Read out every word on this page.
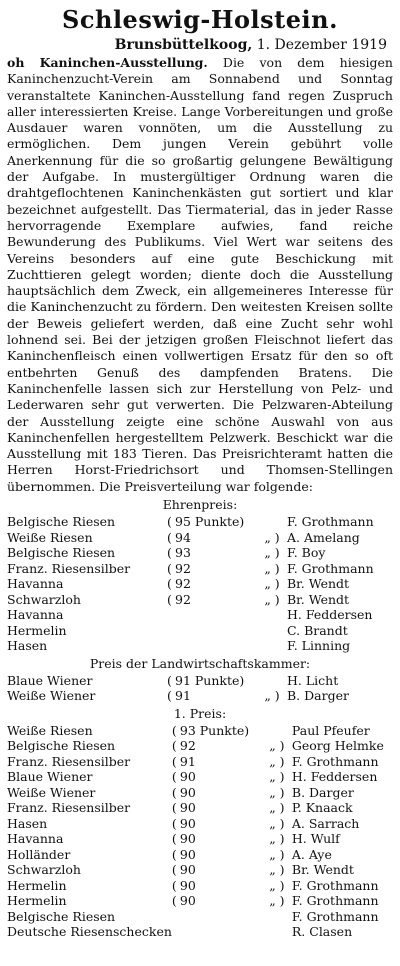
Schleswig-Holstein.
Brunsbüttelkoog, 1. Dezember 1919

oh Kaninchen-Ausstellung. Die von dem hiesigen Kaninchenzucht-Verein am Sonnabend und Sonntag veranstaltete Kaninchen-Ausstellung fand regen Zuspruch aller interessierten Kreise. Lange Vorbereitungen und große Ausdauer waren vonnöten, um die Ausstellung zu ermöglichen. Dem jungen Verein gebührt volle Anerkennung für die so großartig gelungene Bewältigung der Aufgabe. In mustergültiger Ordnung waren die drahtgeflochtenen Kaninchenkästen gut sortiert und klar bezeichnet aufgestellt. Das Tiermaterial, das in jeder Rasse hervorragende Exemplare aufwies, fand reiche Bewunderung des Publikums. Viel Wert war seitens des Vereins besonders auf eine gute Beschickung mit Zuchttieren gelegt worden; diente doch die Ausstellung hauptsächlich dem Zweck, ein allgemeineres Interesse für die Kaninchenzucht zu fördern. Den weitesten Kreisen sollte der Beweis geliefert werden, daß eine Zucht sehr wohl lohnend sei. Bei der jetzigen großen Fleischnot liefert das Kaninchenfleisch einen vollwertigen Ersatz für den so oft entbehrten Genuß des dampfenden Bratens. Die Kaninchenfelle lassen sich zur Herstellung von Pelz- und Lederwaren sehr gut verwerten. Die Pelzwaren-Abteilung der Ausstellung zeigte eine schöne Auswahl von aus Kaninchenfellen hergestelltem Pelzwerk. Beschickt war die Ausstellung mit 183 Tieren. Das Preisrichteramt hatten die Herren Horst-Friedrichsort und Thomsen-Stellingen übernommen. Die Preisverteilung war folgende:

Ehrenpreis:
Belgische Riesen	(	95 Punkte)		F. Grothmann
Weiße Riesen	(	94	„ )	A. Amelang
Belgische Riesen	(	93	„ )	F. Boy
Franz. Riesensilber	(	92	„ )	F. Grothmann
Havanna	(	92	„ )	Br. Wendt
Schwarzloh	(	92	„ )	Br. Wendt
Havanna				H. Feddersen
Hermelin				C. Brandt
Hasen				F. Linning
Preis der Landwirtschaftskammer:
Blaue Wiener	(	91 Punkte)		H. Licht
Weiße Wiener	(	91	„ )	B. Darger
1. Preis:
Weiße Riesen	(	93 Punkte)		Paul Pfeufer
Belgische Riesen	(	92	„ )	Georg Helmke
Franz. Riesensilber	(	91	„ )	F. Grothmann
Blaue Wiener	(	90	„ )	H. Feddersen
Weiße Wiener	(	90	„ )	B. Darger
Franz. Riesensilber	(	90	„ )	P. Knaack
Hasen	(	90	„ )	A. Sarrach
Havanna	(	90	„ )	H. Wulf
Holländer	(	90	„ )	A. Aye
Schwarzloh	(	90	„ )	Br. Wendt
Hermelin	(	90	„ )	F. Grothmann
Hermelin	(	90	„ )	F. Grothmann
Belgische Riesen				F. Grothmann
Deutsche Riesenschecken				R. Clasen
